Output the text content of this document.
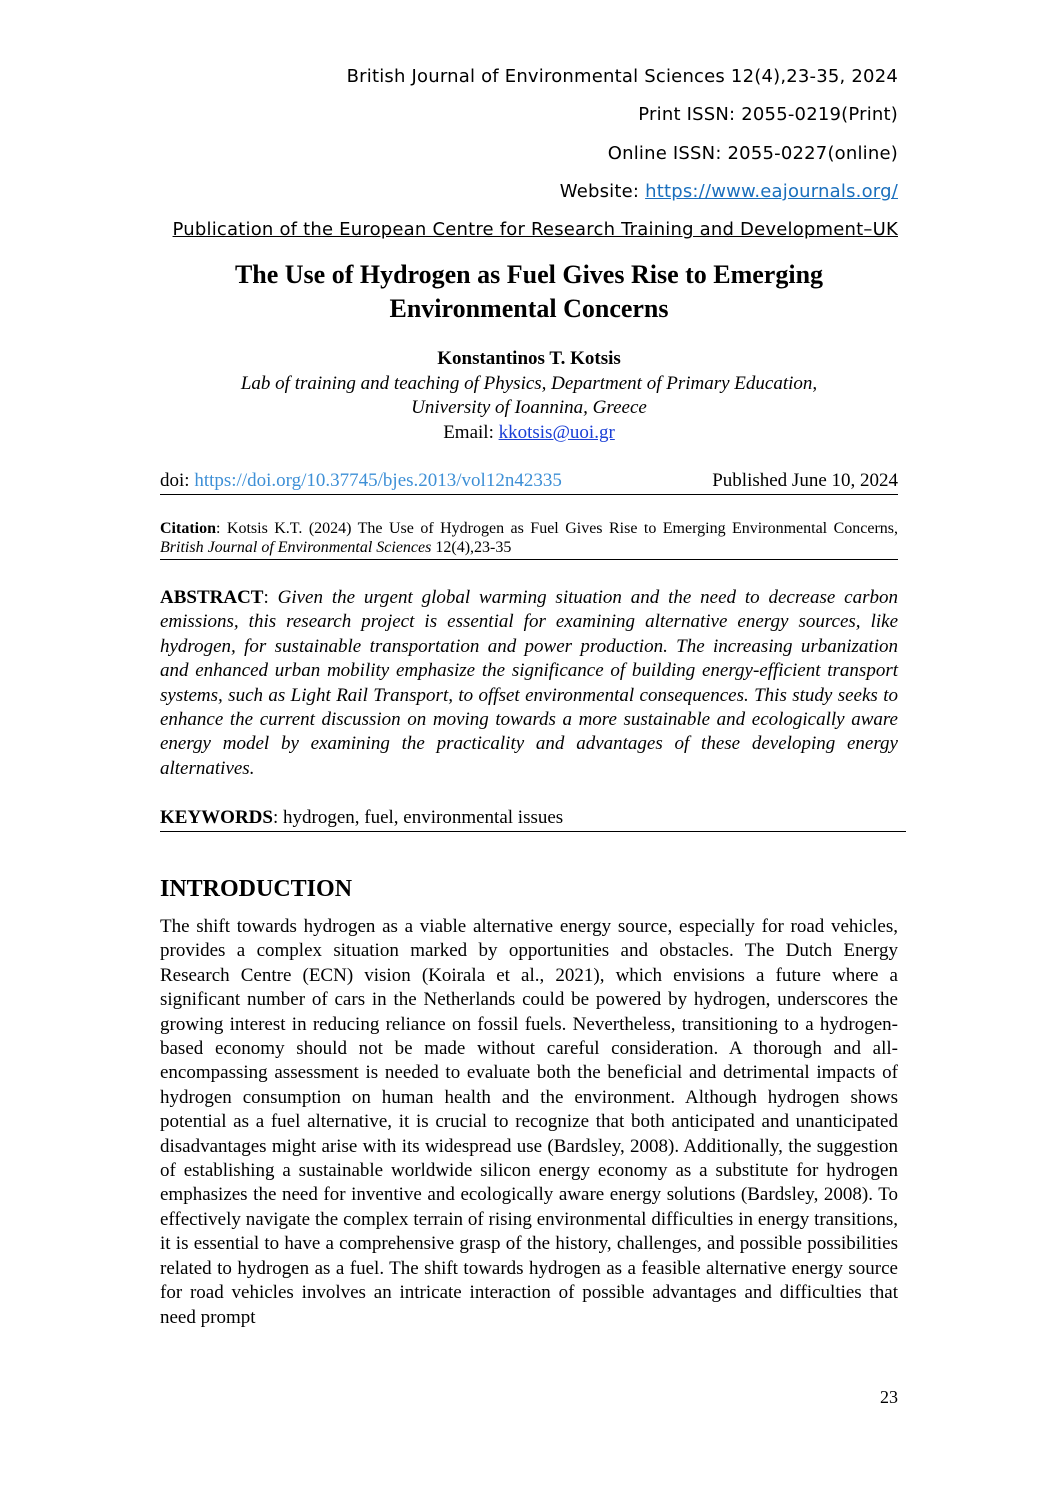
British Journal of Environmental Sciences 12(4),23-35, 2024
Print ISSN: 2055-0219(Print)
Online ISSN: 2055-0227(online)
Website: https://www.eajournals.org/
Publication of the European Centre for Research Training and Development–UK
The Use of Hydrogen as Fuel Gives Rise to Emerging
Environmental Concerns
Konstantinos T. Kotsis
Lab of training and teaching of Physics, Department of Primary Education,
University of Ioannina, Greece
Email: kkotsis@uoi.gr
doi: https://doi.org/10.37745/bjes.2013/vol12n42335	Published June 10, 2024
Citation: Kotsis K.T. (2024) The Use of Hydrogen as Fuel Gives Rise to Emerging Environmental Concerns, British Journal of Environmental Sciences 12(4),23-35
ABSTRACT: Given the urgent global warming situation and the need to decrease carbon emissions, this research project is essential for examining alternative energy sources, like hydrogen, for sustainable transportation and power production. The increasing urbanization and enhanced urban mobility emphasize the significance of building energy-efficient transport systems, such as Light Rail Transport, to offset environmental consequences. This study seeks to enhance the current discussion on moving towards a more sustainable and ecologically aware energy model by examining the practicality and advantages of these developing energy alternatives.
KEYWORDS: hydrogen, fuel, environmental issues
INTRODUCTION
The shift towards hydrogen as a viable alternative energy source, especially for road vehicles, provides a complex situation marked by opportunities and obstacles. The Dutch Energy Research Centre (ECN) vision (Koirala et al., 2021), which envisions a future where a significant number of cars in the Netherlands could be powered by hydrogen, underscores the growing interest in reducing reliance on fossil fuels. Nevertheless, transitioning to a hydrogen-based economy should not be made without careful consideration. A thorough and all-encompassing assessment is needed to evaluate both the beneficial and detrimental impacts of hydrogen consumption on human health and the environment. Although hydrogen shows potential as a fuel alternative, it is crucial to recognize that both anticipated and unanticipated disadvantages might arise with its widespread use (Bardsley, 2008). Additionally, the suggestion of establishing a sustainable worldwide silicon energy economy as a substitute for hydrogen emphasizes the need for inventive and ecologically aware energy solutions (Bardsley, 2008). To effectively navigate the complex terrain of rising environmental difficulties in energy transitions, it is essential to have a comprehensive grasp of the history, challenges, and possible possibilities related to hydrogen as a fuel. The shift towards hydrogen as a feasible alternative energy source for road vehicles involves an intricate interaction of possible advantages and difficulties that need prompt
23
